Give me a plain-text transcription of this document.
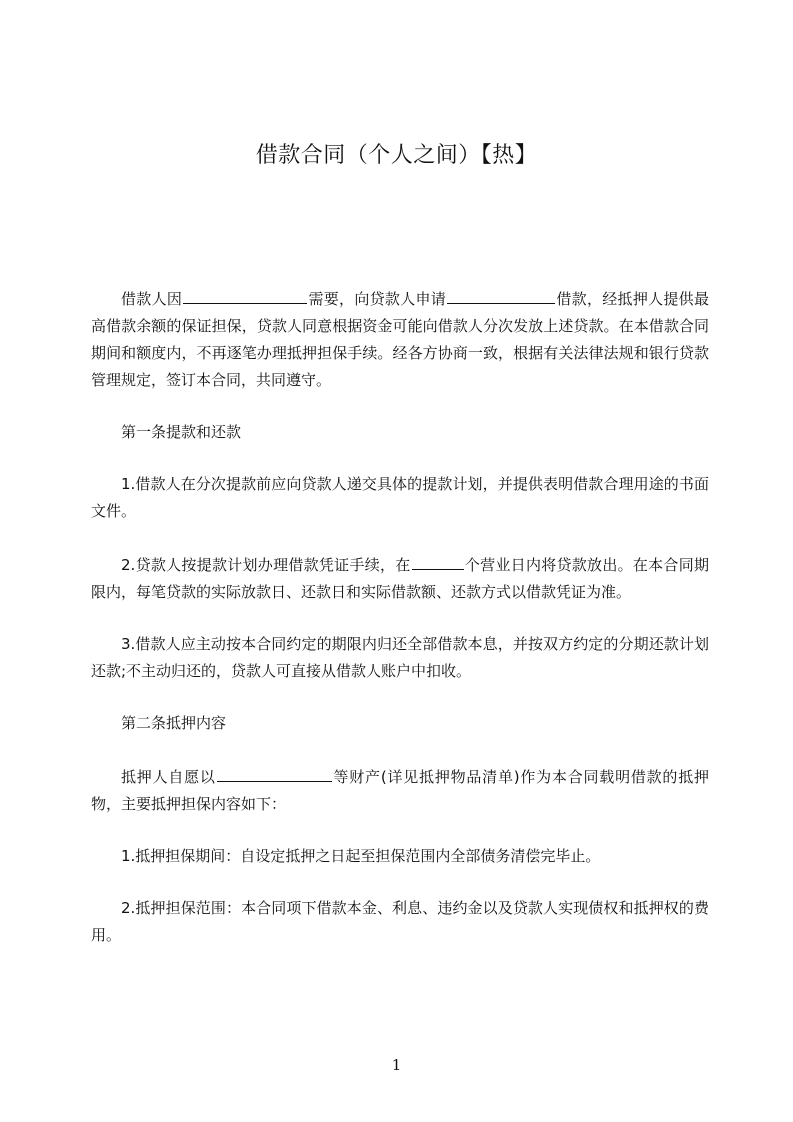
借款合同（个人之间）【热】

借款人因	需要，向贷款人申请	借款，经抵押人提供最高借款余额的保证担保，贷款人同意根据资金可能向借款人分次发放上述贷款。在本借款合同期间和额度内，不再逐笔办理抵押担保手续。经各方协商一致，根据有关法律法规和银行贷款管理规定，签订本合同，共同遵守。

第一条提款和还款

1.借款人在分次提款前应向贷款人递交具体的提款计划，并提供表明借款合理用途的书面文件。

2.贷款人按提款计划办理借款凭证手续，在	个营业日内将贷款放出。在本合同期限内，每笔贷款的实际放款日、还款日和实际借款额、还款方式以借款凭证为准。

3.借款人应主动按本合同约定的期限内归还全部借款本息，并按双方约定的分期还款计划还款;不主动归还的，贷款人可直接从借款人账户中扣收。

第二条抵押内容

抵押人自愿以	等财产(详见抵押物品清单)作为本合同载明借款的抵押物，主要抵押担保内容如下：

1.抵押担保期间：自设定抵押之日起至担保范围内全部债务清偿完毕止。

2.抵押担保范围：本合同项下借款本金、利息、违约金以及贷款人实现债权和抵押权的费用。

1
